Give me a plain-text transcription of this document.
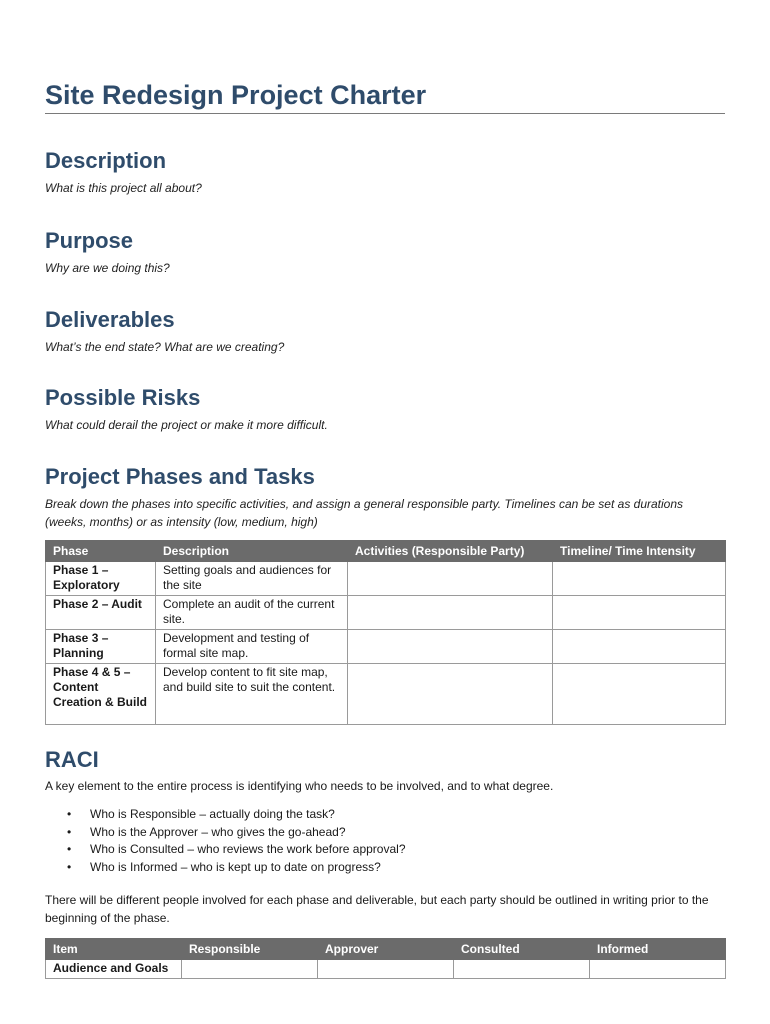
Site Redesign Project Charter
Description

What is this project all about?

Purpose

Why are we doing this?

Deliverables

What’s the end state? What are we creating?

Possible Risks

What could derail the project or make it more difficult.

Project Phases and Tasks

Break down the phases into specific activities, and assign a general responsible party. Timelines can be set as durations (weeks, months) or as intensity (low, medium, high)

Phase	Description	Activities (Responsible Party)	Timeline/ Time Intensity
Phase 1 – Exploratory	Setting goals and audiences for the site		
Phase 2 – Audit	Complete an audit of the current site.		
Phase 3 – Planning	Development and testing of formal site map.		
Phase 4 & 5 – Content Creation & Build	Develop content to fit site map, and build site to suit the content.		
RACI

A key element to the entire process is identifying who needs to be involved, and to what degree.

• Who is Responsible – actually doing the task?
• Who is the Approver – who gives the go-ahead?
• Who is Consulted – who reviews the work before approval?
• Who is Informed – who is kept up to date on progress?

There will be different people involved for each phase and deliverable, but each party should be outlined in writing prior to the beginning of the phase.

Item	Responsible	Approver	Consulted	Informed
Audience and Goals				
